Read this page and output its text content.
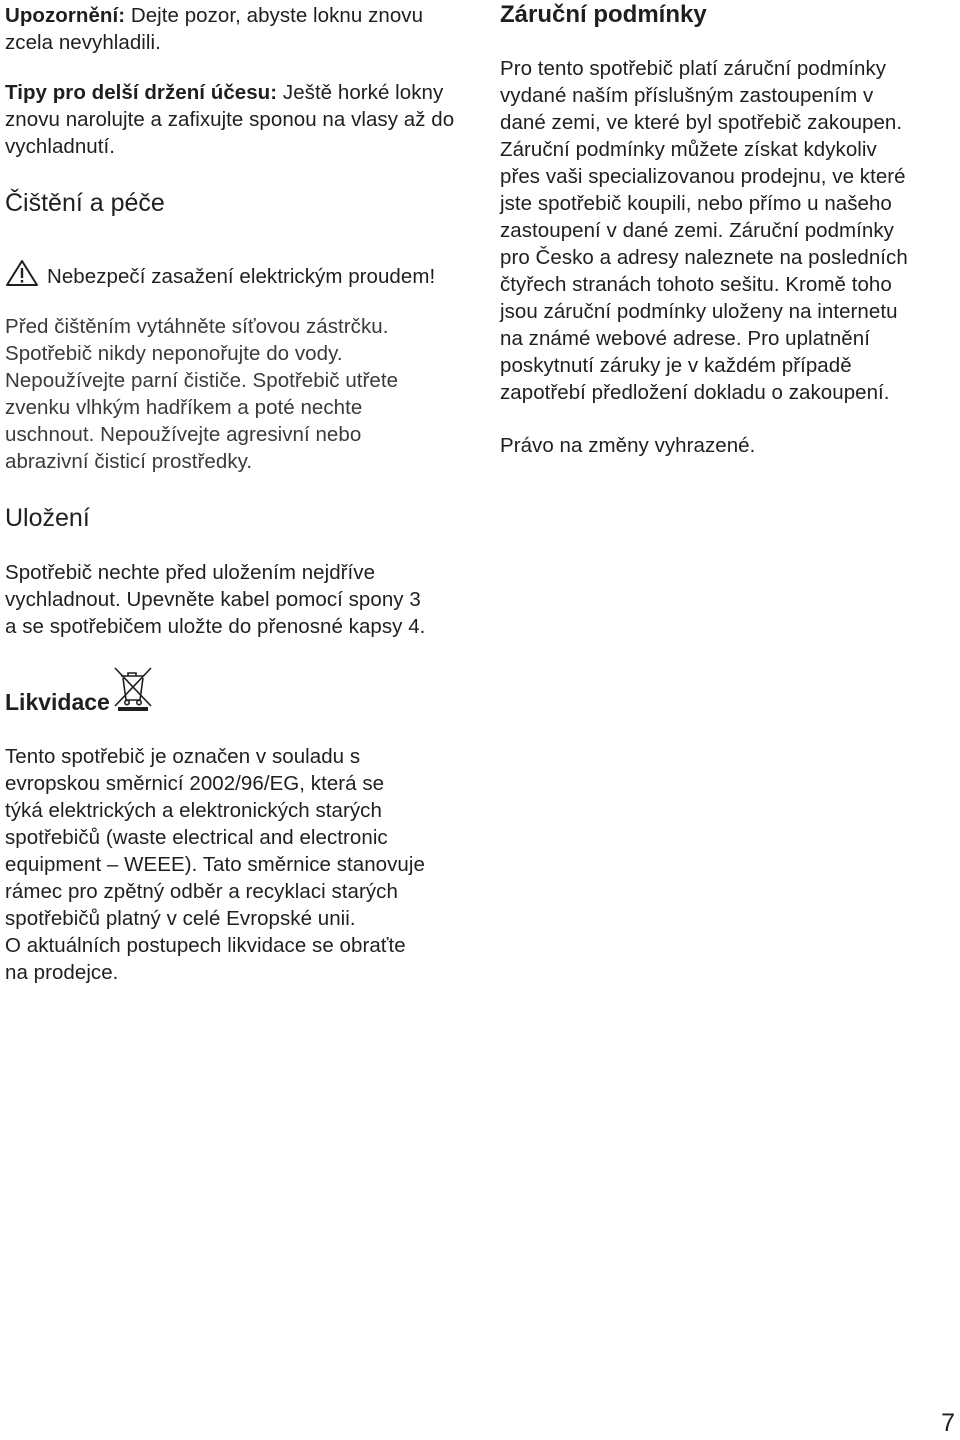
Upozornění: Dejte pozor, abyste loknu znovu zcela nevyhladili.

Tipy pro delší držení účesu: Ještě horké lokny znovu narolujte a zafixujte sponou na vlasy až do vychladnutí.

Čištění a péče

Nebezpečí zasažení elektrickým proudem!

Před čištěním vytáhněte síťovou zástrčku.
Spotřebič nikdy neponořujte do vody.
Nepoužívejte parní čističe. Spotřebič utřete
zvenku vlhkým hadříkem a poté nechte
uschnout. Nepoužívejte agresivní nebo
abrazivní čisticí prostředky.
Uložení
Spotřebič nechte před uložením nejdříve
vychladnout. Upevněte kabel pomocí spony 3
a se spotřebičem uložte do přenosné kapsy 4.
Likvidace
Tento spotřebič je označen v souladu s
evropskou směrnicí 2002/96/EG, která se
týká elektrických a elektronických starých
spotřebičů (waste electrical and electronic
equipment – WEEE). Tato směrnice stanovuje
rámec pro zpětný odběr a recyklaci starých
spotřebičů platný v celé Evropské unii.
O aktuálních postupech likvidace se obraťte
na prodejce.
Záruční podmínky
Pro tento spotřebič platí záruční podmínky
vydané naším příslušným zastoupením v
dané zemi, ve které byl spotřebič zakoupen.
Záruční podmínky můžete získat kdykoliv
přes vaši specializovanou prodejnu, ve které
jste spotřebič koupili, nebo přímo u našeho
zastoupení v dané zemi. Záruční podmínky
pro Česko a adresy naleznete na posledních
čtyřech stranách tohoto sešitu. Kromě toho
jsou záruční podmínky uloženy na internetu
na známé webové adrese. Pro uplatnění
poskytnutí záruky je v každém případě
zapotřebí předložení dokladu o zakoupení.

Právo na změny vyhrazené.

7
